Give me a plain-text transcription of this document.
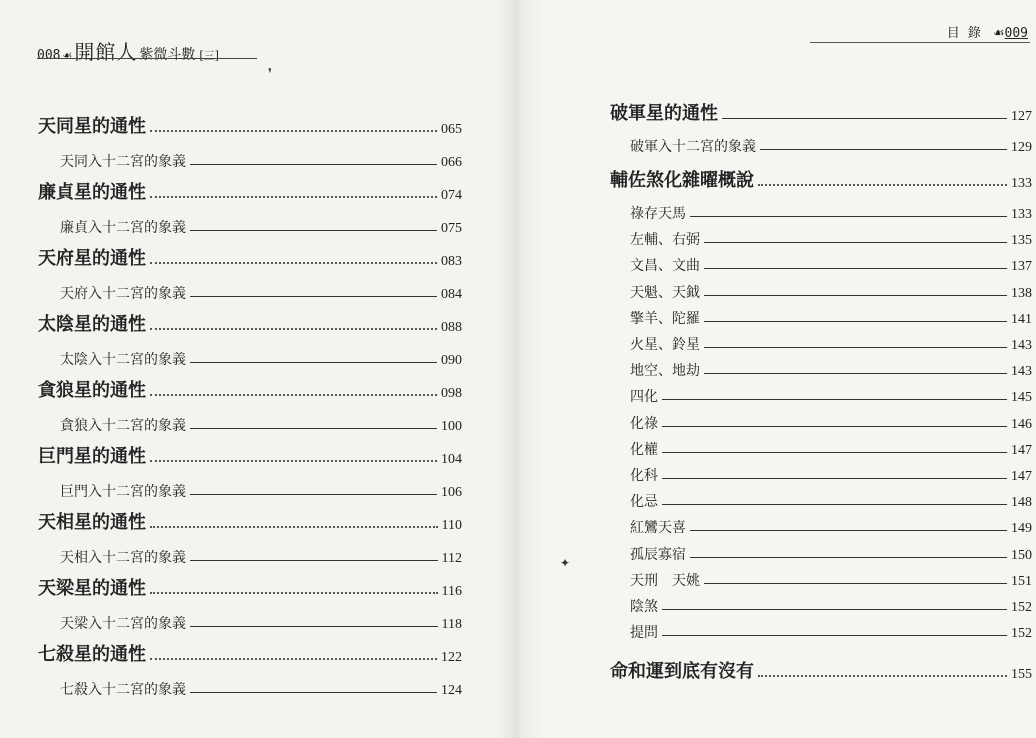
008 ☙ 開館人 紫微斗數 [三]
天同星的通性	065
天同入十二宮的象義	066
廉貞星的通性	074
廉貞入十二宮的象義	075
天府星的通性	083
天府入十二宮的象義	084
太陰星的通性	088
太陰入十二宮的象義	090
貪狼星的通性	098
貪狼入十二宮的象義	100
巨門星的通性	104
巨門入十二宮的象義	106
天相星的通性	110
天相入十二宮的象義	112
天梁星的通性	116
天梁入十二宮的象義	118
七殺星的通性	122
七殺入十二宮的象義	124
❜
目 錄 ☙009
破軍星的通性	127
破軍入十二宮的象義	129
輔佐煞化雜曜概說	133
祿存天馬	133
左輔、右弼	135
文昌、文曲	137
天魁、天鉞	138
擎羊、陀羅	141
火星、鈴星	143
地空、地劫	143
四化	145
化祿	146
化權	147
化科	147
化忌	148
紅鸞天喜	149
孤辰寡宿	150
天刑　天姚	151
陰煞	152
提問	152
命和運到底有沒有	155
✦
